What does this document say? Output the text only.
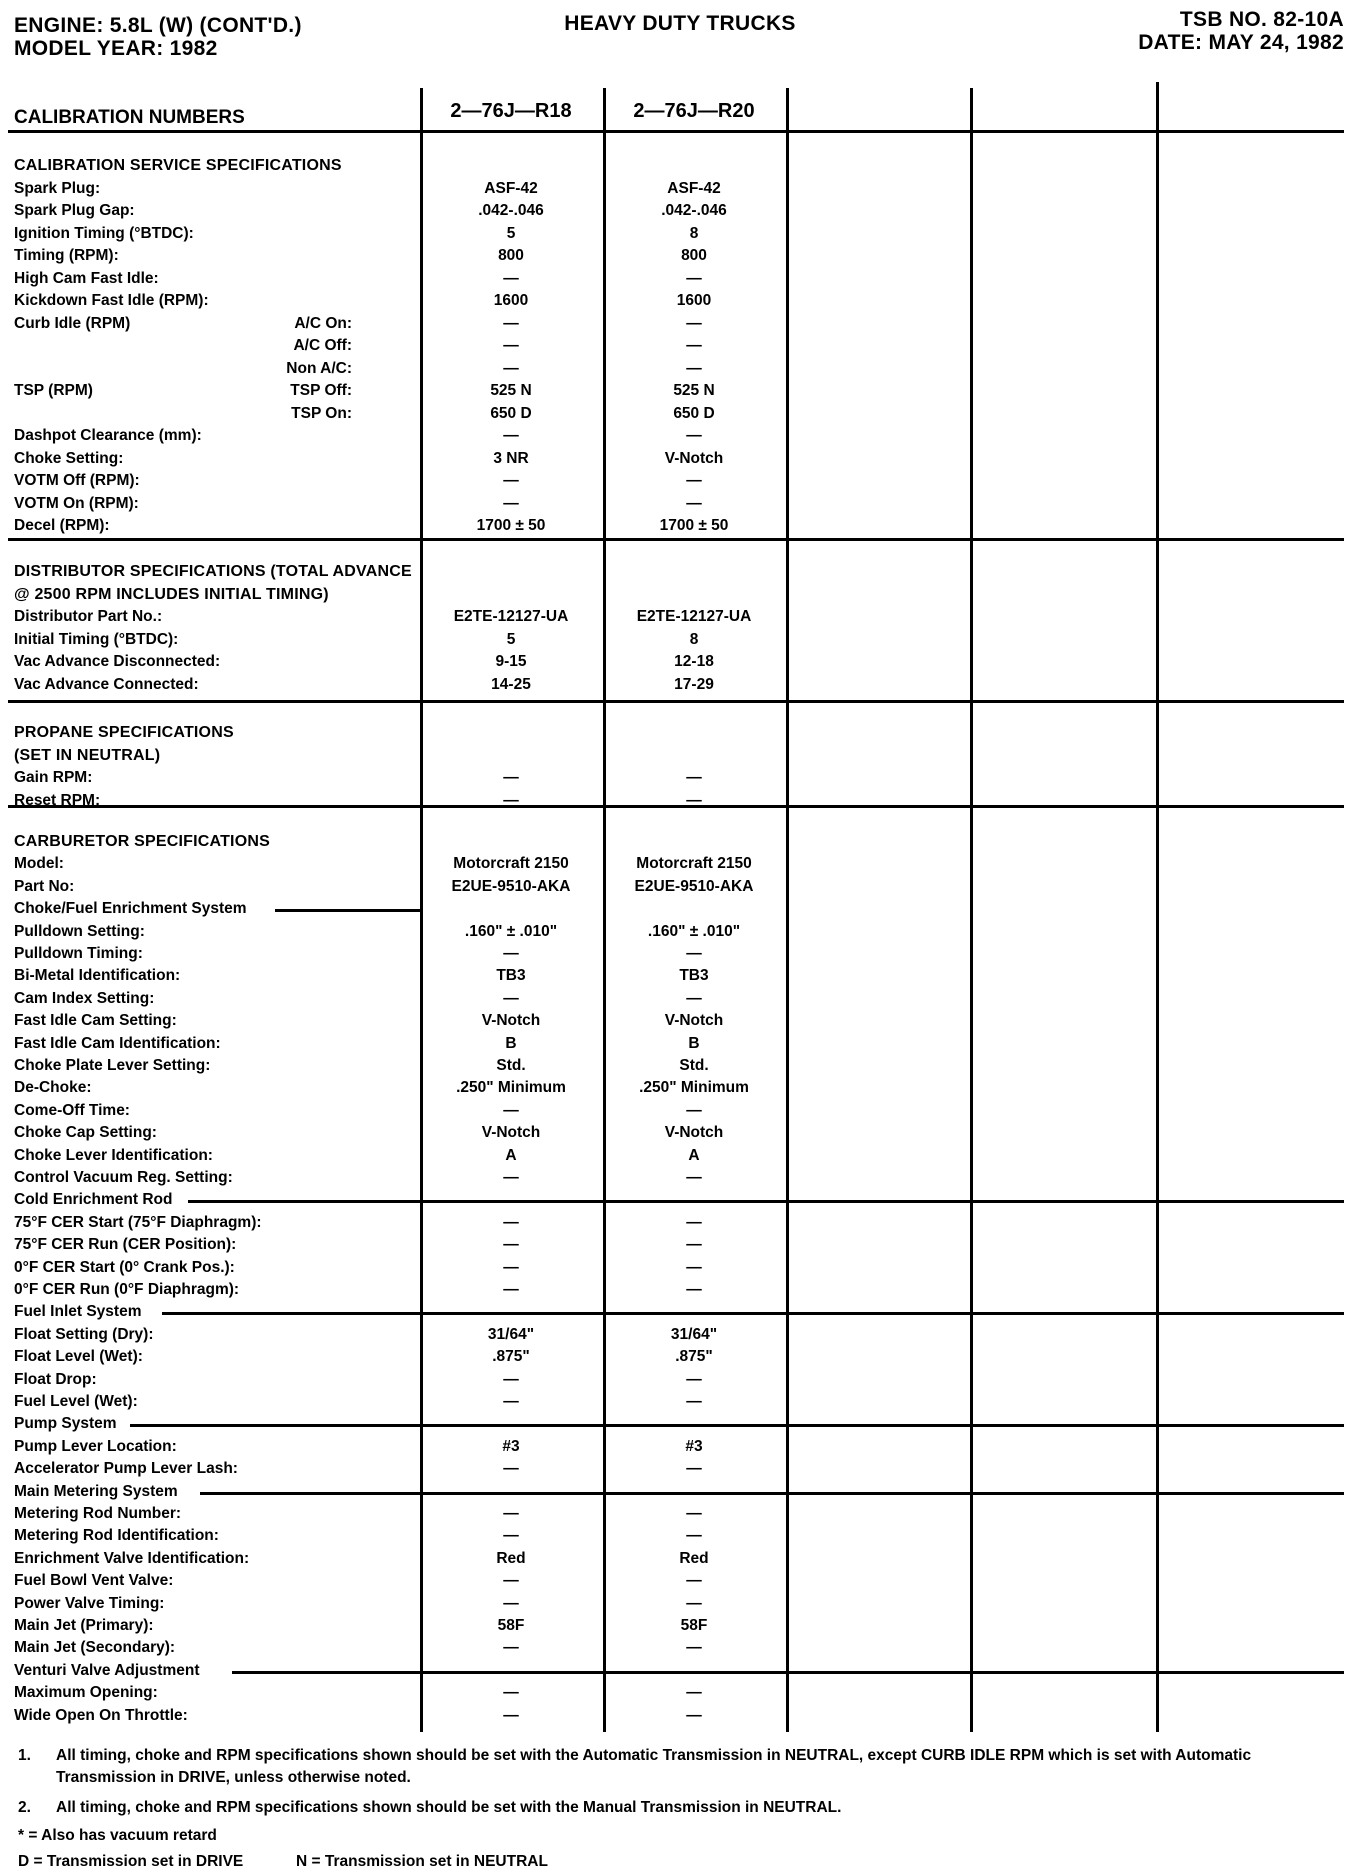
ENGINE: 5.8L (W) (CONT'D.)
MODEL YEAR: 1982
HEAVY DUTY TRUCKS	TSB NO. 82-10A
DATE: MAY 24, 1982
CALIBRATION NUMBERS	2—76J—R18	2—76J—R20
CALIBRATION SERVICE SPECIFICATIONS
Spark Plug:	ASF-42	ASF-42
Spark Plug Gap:	.042-.046	.042-.046
Ignition Timing (°BTDC):	5	8
Timing (RPM):	800	800
High Cam Fast Idle:	—	—
Kickdown Fast Idle (RPM):	1600	1600
Curb Idle (RPM)	A/C On:	—	—
A/C Off:	—	—
Non A/C:	—	—
TSP (RPM)	TSP Off:	525 N	525 N
TSP On:	650 D	650 D
Dashpot Clearance (mm):	—	—
Choke Setting:	3 NR	V-Notch
VOTM Off (RPM):	—	—
VOTM On (RPM):	—	—
Decel (RPM):	1700 ± 50	1700 ± 50
DISTRIBUTOR SPECIFICATIONS (TOTAL ADVANCE
@ 2500 RPM INCLUDES INITIAL TIMING)
Distributor Part No.:	E2TE-12127-UA	E2TE-12127-UA
Initial Timing (°BTDC):	5	8
Vac Advance Disconnected:	9-15	12-18
Vac Advance Connected:	14-25	17-29
PROPANE SPECIFICATIONS
(SET IN NEUTRAL)
Gain RPM:	—	—
Reset RPM:	—	—
CARBURETOR SPECIFICATIONS
Model:	Motorcraft 2150	Motorcraft 2150
Part No:	E2UE-9510-AKA	E2UE-9510-AKA
Choke/Fuel Enrichment System
Pulldown Setting:	.160" ± .010"	.160" ± .010"
Pulldown Timing:	—	—
Bi-Metal Identification:	TB3	TB3
Cam Index Setting:	—	—
Fast Idle Cam Setting:	V-Notch	V-Notch
Fast Idle Cam Identification:	B	B
Choke Plate Lever Setting:	Std.	Std.
De-Choke:	.250" Minimum	.250" Minimum
Come-Off Time:	—	—
Choke Cap Setting:	V-Notch	V-Notch
Choke Lever Identification:	A	A
Control Vacuum Reg. Setting:	—	—
Cold Enrichment Rod
75°F CER Start (75°F Diaphragm):	—	—
75°F CER Run (CER Position):	—	—
0°F CER Start (0° Crank Pos.):	—	—
0°F CER Run (0°F Diaphragm):	—	—
Fuel Inlet System
Float Setting (Dry):	31/64"	31/64"
Float Level (Wet):	.875"	.875"
Float Drop:	—	—
Fuel Level (Wet):	—	—
Pump System
Pump Lever Location:	#3	#3
Accelerator Pump Lever Lash:	—	—
Main Metering System
Metering Rod Number:	—	—
Metering Rod Identification:	—	—
Enrichment Valve Identification:	Red	Red
Fuel Bowl Vent Valve:	—	—
Power Valve Timing:	—	—
Main Jet (Primary):	58F	58F
Main Jet (Secondary):	—	—
Venturi Valve Adjustment
Maximum Opening:	—	—
Wide Open On Throttle:	—	—
1. All timing, choke and RPM specifications shown should be set with the Automatic Transmission in NEUTRAL, except CURB IDLE RPM which is set with Automatic
Transmission in DRIVE, unless otherwise noted.
2. All timing, choke and RPM specifications shown should be set with the Manual Transmission in NEUTRAL.
* = Also has vacuum retard
D = Transmission set in DRIVE	N = Transmission set in NEUTRAL
